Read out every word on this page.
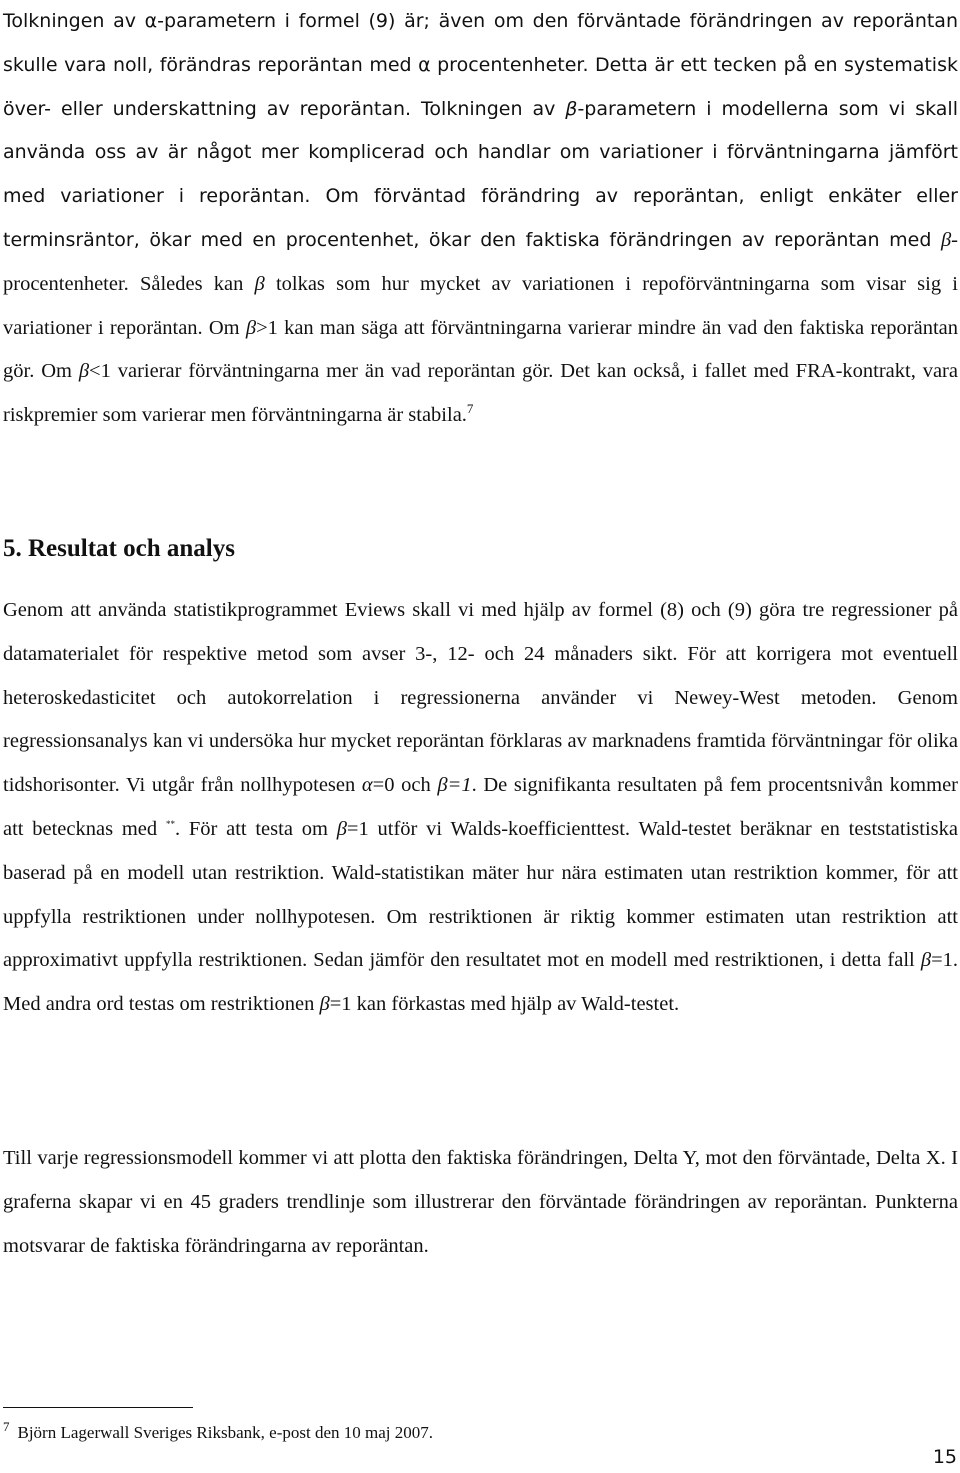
Tolkningen av α-parametern i formel (9) är; även om den förväntade förändringen av reporäntan skulle vara noll, förändras reporäntan med α procentenheter. Detta är ett tecken på en systematisk över- eller underskattning av reporäntan. Tolkningen av β-parametern i modellerna som vi skall använda oss av är något mer komplicerad och handlar om variationer i förväntningarna jämfört med variationer i reporäntan. Om förväntad förändring av reporäntan, enligt enkäter eller terminsräntor, ökar med en procentenhet, ökar den faktiska förändringen av reporäntan med β-procentenheter. Således kan β tolkas som hur mycket av variationen i repoförväntningarna som visar sig i variationer i reporäntan. Om β>1 kan man säga att förväntningarna varierar mindre än vad den faktiska reporäntan gör. Om β<1 varierar förväntningarna mer än vad reporäntan gör. Det kan också, i fallet med FRA-kontrakt, vara riskpremier som varierar men förväntningarna är stabila.$^7$

5. Resultat och analys

Genom att använda statistikprogrammet Eviews skall vi med hjälp av formel (8) och (9) göra tre regressioner på datamaterialet för respektive metod som avser 3-, 12- och 24 månaders sikt. För att korrigera mot eventuell heteroskedasticitet och autokorrelation i regressionerna använder vi Newey-West metoden. Genom regressionsanalys kan vi undersöka hur mycket reporäntan förklaras av marknadens framtida förväntningar för olika tidshorisonter. Vi utgår från nollhypotesen α=0 och β=1. De signifikanta resultaten på fem procentsnivån kommer att betecknas med **. För att testa om β=1 utför vi Walds-koefficienttest. Wald-testet beräknar en teststatistiska baserad på en modell utan restriktion. Wald-statistikan mäter hur nära estimaten utan restriktion kommer, för att uppfylla restriktionen under nollhypotesen. Om restriktionen är riktig kommer estimaten utan restriktion att approximativt uppfylla restriktionen. Sedan jämför den resultatet mot en modell med restriktionen, i detta fall β=1. Med andra ord testas om restriktionen β=1 kan förkastas med hjälp av Wald-testet.

Till varje regressionsmodell kommer vi att plotta den faktiska förändringen, Delta Y, mot den förväntade, Delta X. I graferna skapar vi en 45 graders trendlinje som illustrerar den förväntade förändringen av reporäntan. Punkterna motsvarar de faktiska förändringarna av reporäntan.

$^7$ Björn Lagerwall Sveriges Riksbank, e-post den 10 maj 2007.

15
